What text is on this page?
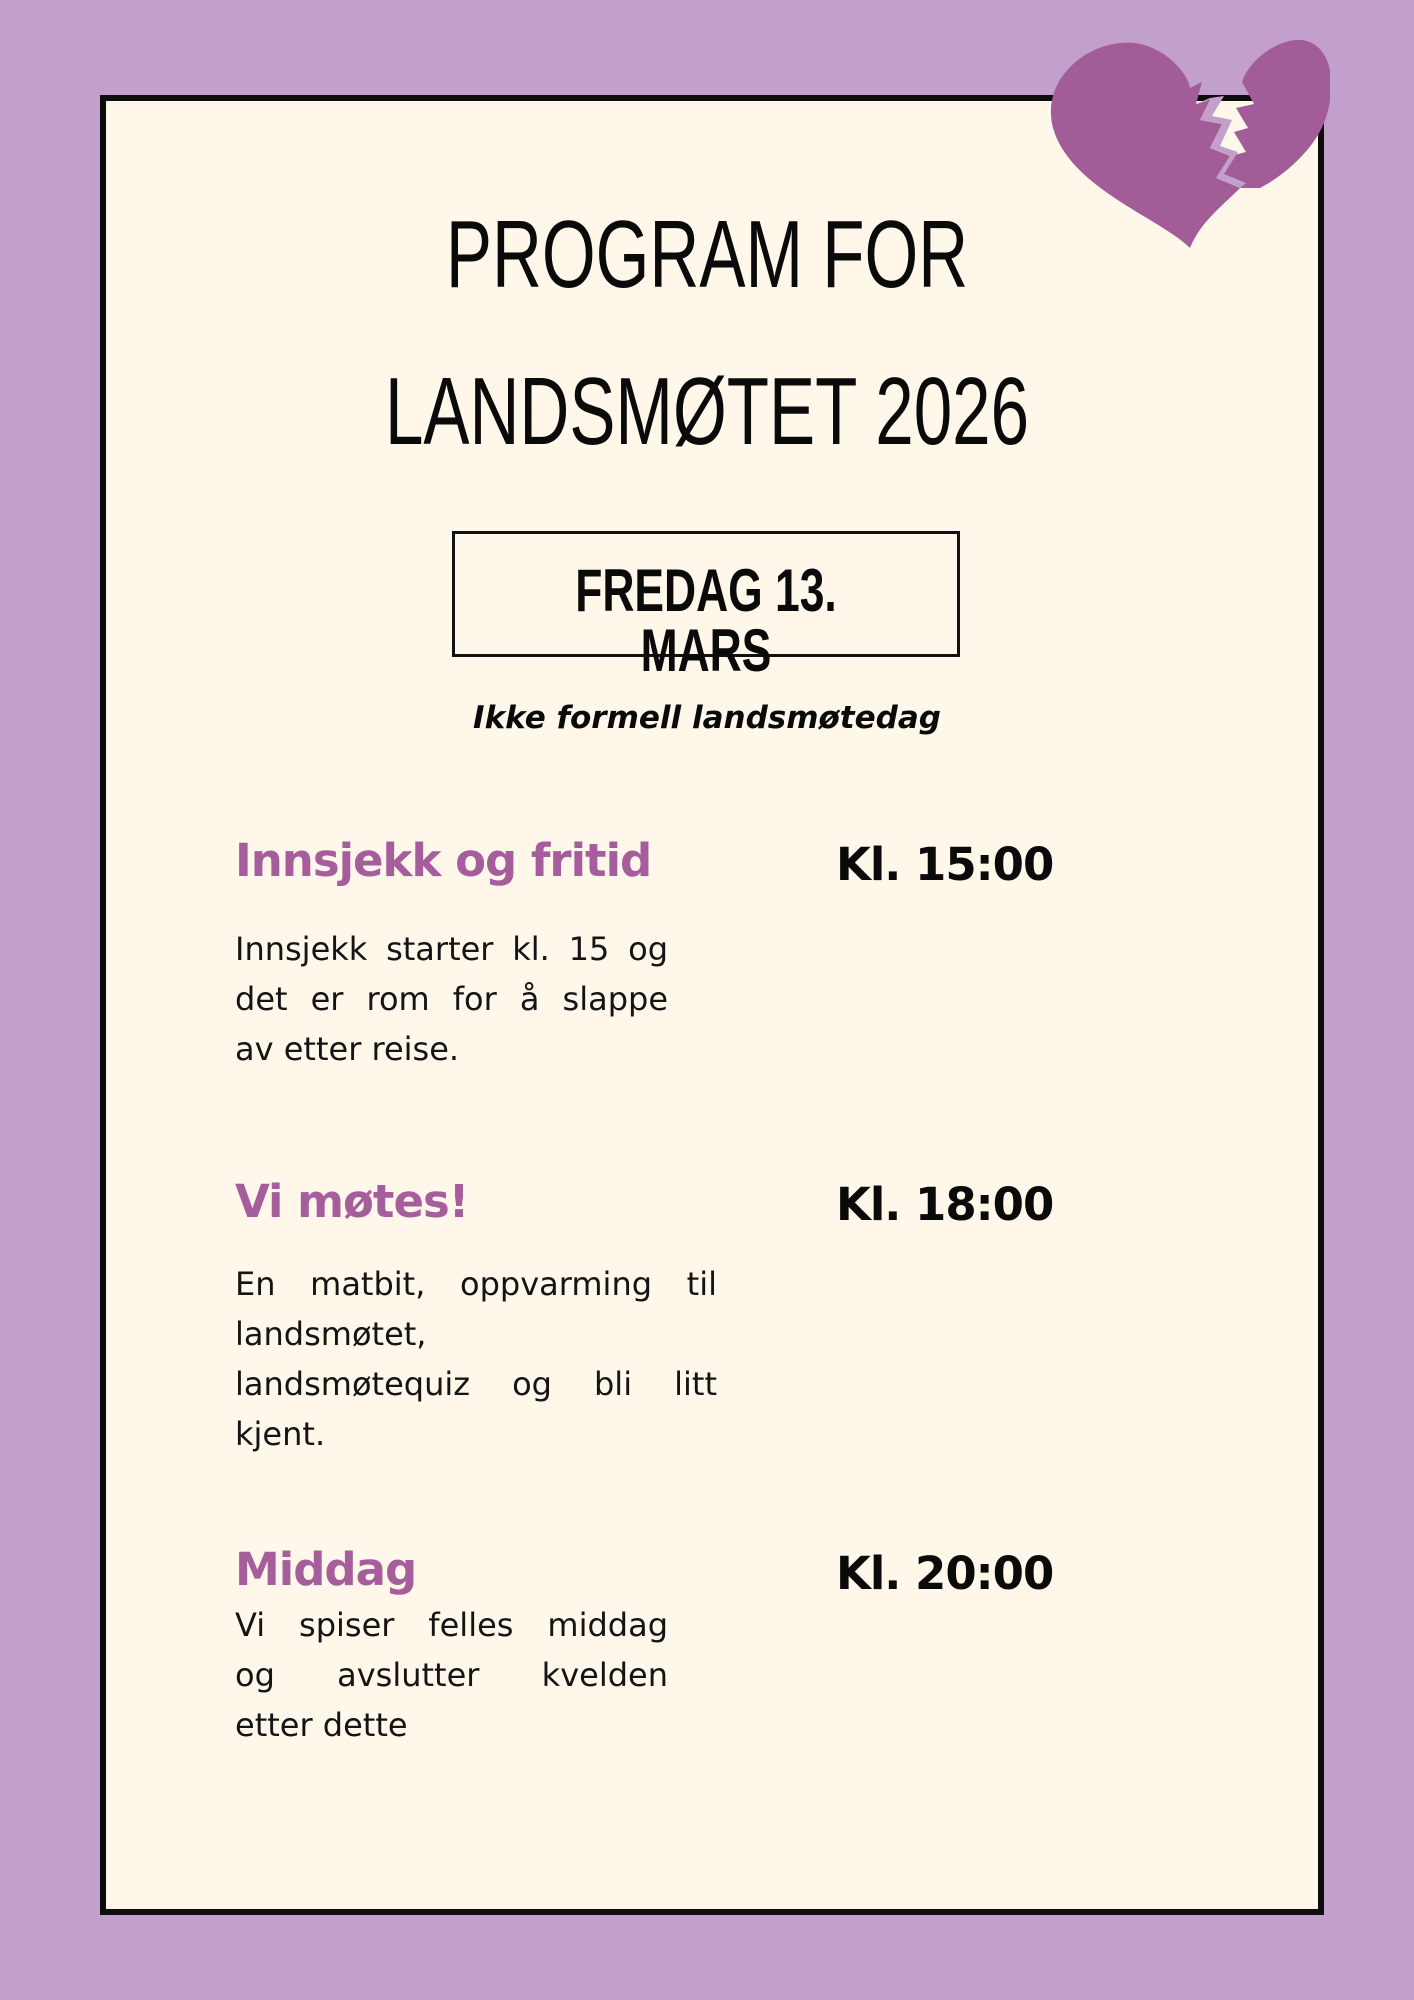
PROGRAM FOR
LANDSMØTET 2026
FREDAG 13. MARS
Ikke formell landsmøtedag
Innsjekk og fritid	Kl. 15:00
Innsjekk starter kl. 15 og
det er rom for å slappe
av etter reise.
Vi møtes!	Kl. 18:00
En matbit, oppvarming til
landsmøtet,
landsmøtequiz og bli litt
kjent.
Middag	Kl. 20:00
Vi spiser felles middag
og avslutter kvelden
etter dette
